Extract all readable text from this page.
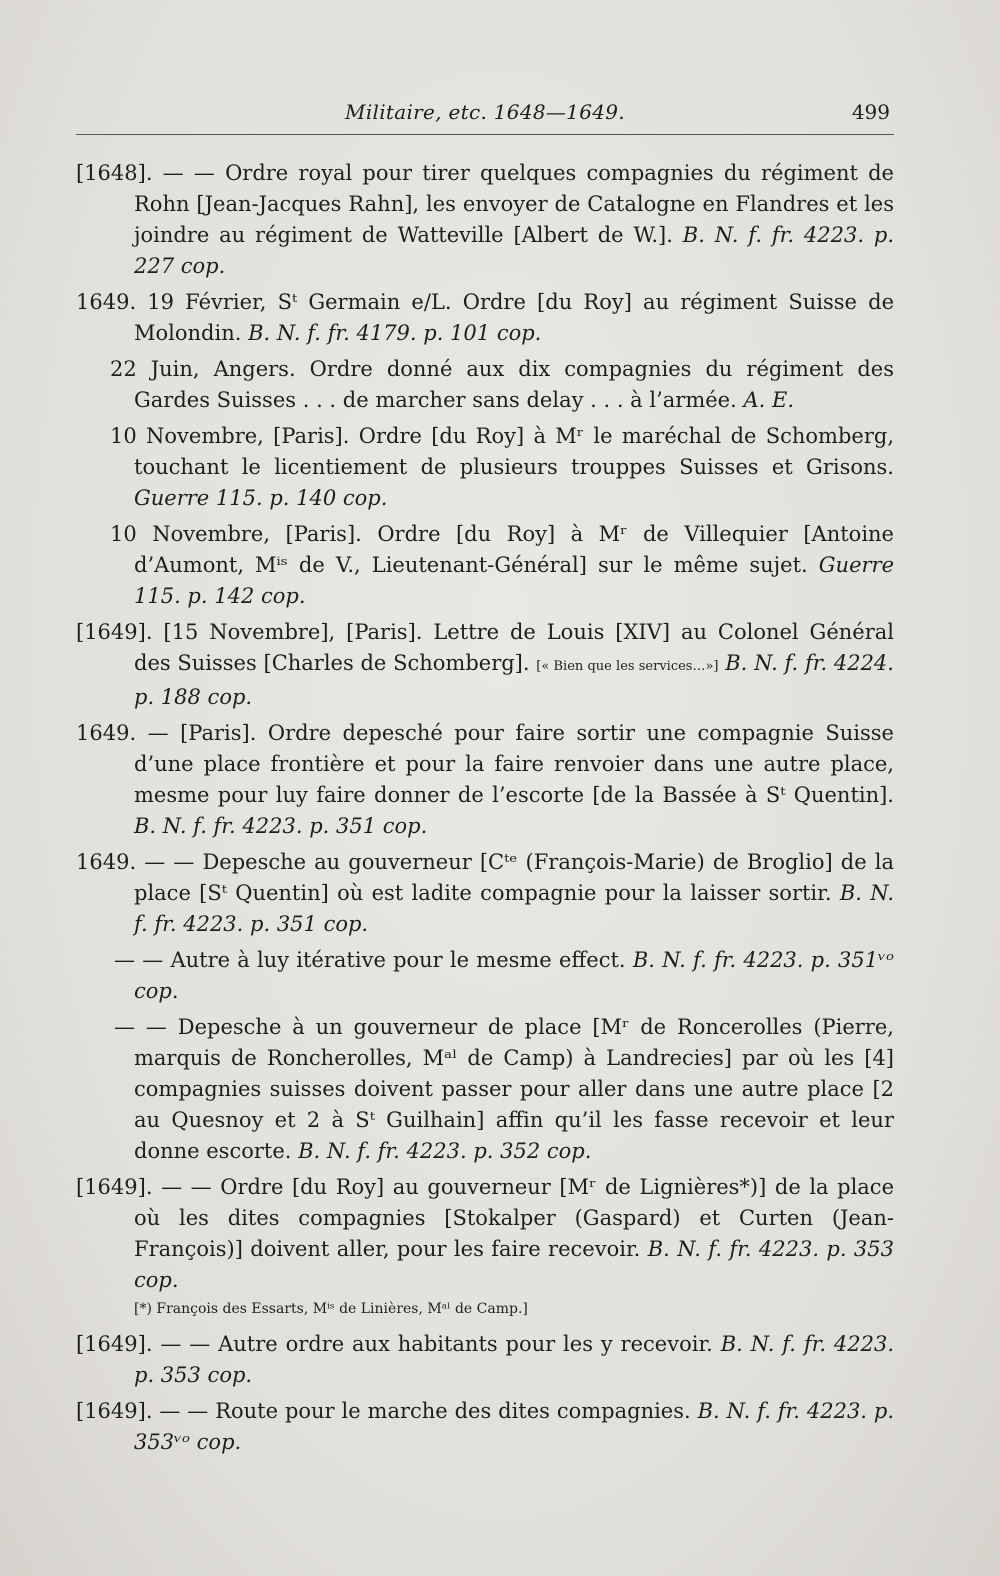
Militaire, etc. 1648—1649.	499

[1648]. — — Ordre royal pour tirer quelques compagnies du régiment de Rohn [Jean-Jacques Rahn], les envoyer de Catalogne en Flandres et les joindre au régiment de Watteville [Albert de W.]. B. N. f. fr. 4223. p. 227 cop.

1649. 19 Février, Sᵗ Germain e/L. Ordre [du Roy] au régiment Suisse de Molondin. B. N. f. fr. 4179. p. 101 cop.

22 Juin, Angers. Ordre donné aux dix compagnies du régiment des Gardes Suisses . . . de marcher sans delay . . . à l’armée. A. E.

10 Novembre, [Paris]. Ordre [du Roy] à Mʳ le maréchal de Schomberg, touchant le licentiement de plusieurs trouppes Suisses et Grisons. Guerre 115. p. 140 cop.

10 Novembre, [Paris]. Ordre [du Roy] à Mʳ de Villequier [Antoine d’Aumont, Mⁱˢ de V., Lieutenant-Général] sur le même sujet. Guerre 115. p. 142 cop.

[1649]. [15 Novembre], [Paris]. Lettre de Louis [XIV] au Colonel Général des Suisses [Charles de Schomberg]. [« Bien que les services…»] B. N. f. fr. 4224. p. 188 cop.

1649. — [Paris]. Ordre depesché pour faire sortir une compagnie Suisse d’une place frontière et pour la faire renvoier dans une autre place, mesme pour luy faire donner de l’escorte [de la Bassée à Sᵗ Quentin]. B. N. f. fr. 4223. p. 351 cop.

1649. — — Depesche au gouverneur [Cᵗᵉ (François-Marie) de Broglio] de la place [Sᵗ Quentin] où est ladite compagnie pour la laisser sortir. B. N. f. fr. 4223. p. 351 cop.

— — Autre à luy itérative pour le mesme effect. B. N. f. fr. 4223. p. 351ᵛᵒ cop.

— — Depesche à un gouverneur de place [Mʳ de Roncerolles (Pierre, marquis de Roncherolles, Mᵃˡ de Camp) à Landrecies] par où les [4] compagnies suisses doivent passer pour aller dans une autre place [2 au Quesnoy et 2 à Sᵗ Guilhain] affin qu’il les fasse recevoir et leur donne escorte. B. N. f. fr. 4223. p. 352 cop.

[1649]. — — Ordre [du Roy] au gouverneur [Mʳ de Lignières*)] de la place où les dites compagnies [Stokalper (Gaspard) et Curten (Jean-François)] doivent aller, pour les faire recevoir. B. N. f. fr. 4223. p. 353 cop.

[*) François des Essarts, Mⁱˢ de Linières, Mᵃˡ de Camp.]

[1649]. — — Autre ordre aux habitants pour les y recevoir. B. N. f. fr. 4223. p. 353 cop.

[1649]. — — Route pour le marche des dites compagnies. B. N. f. fr. 4223. p. 353ᵛᵒ cop.
